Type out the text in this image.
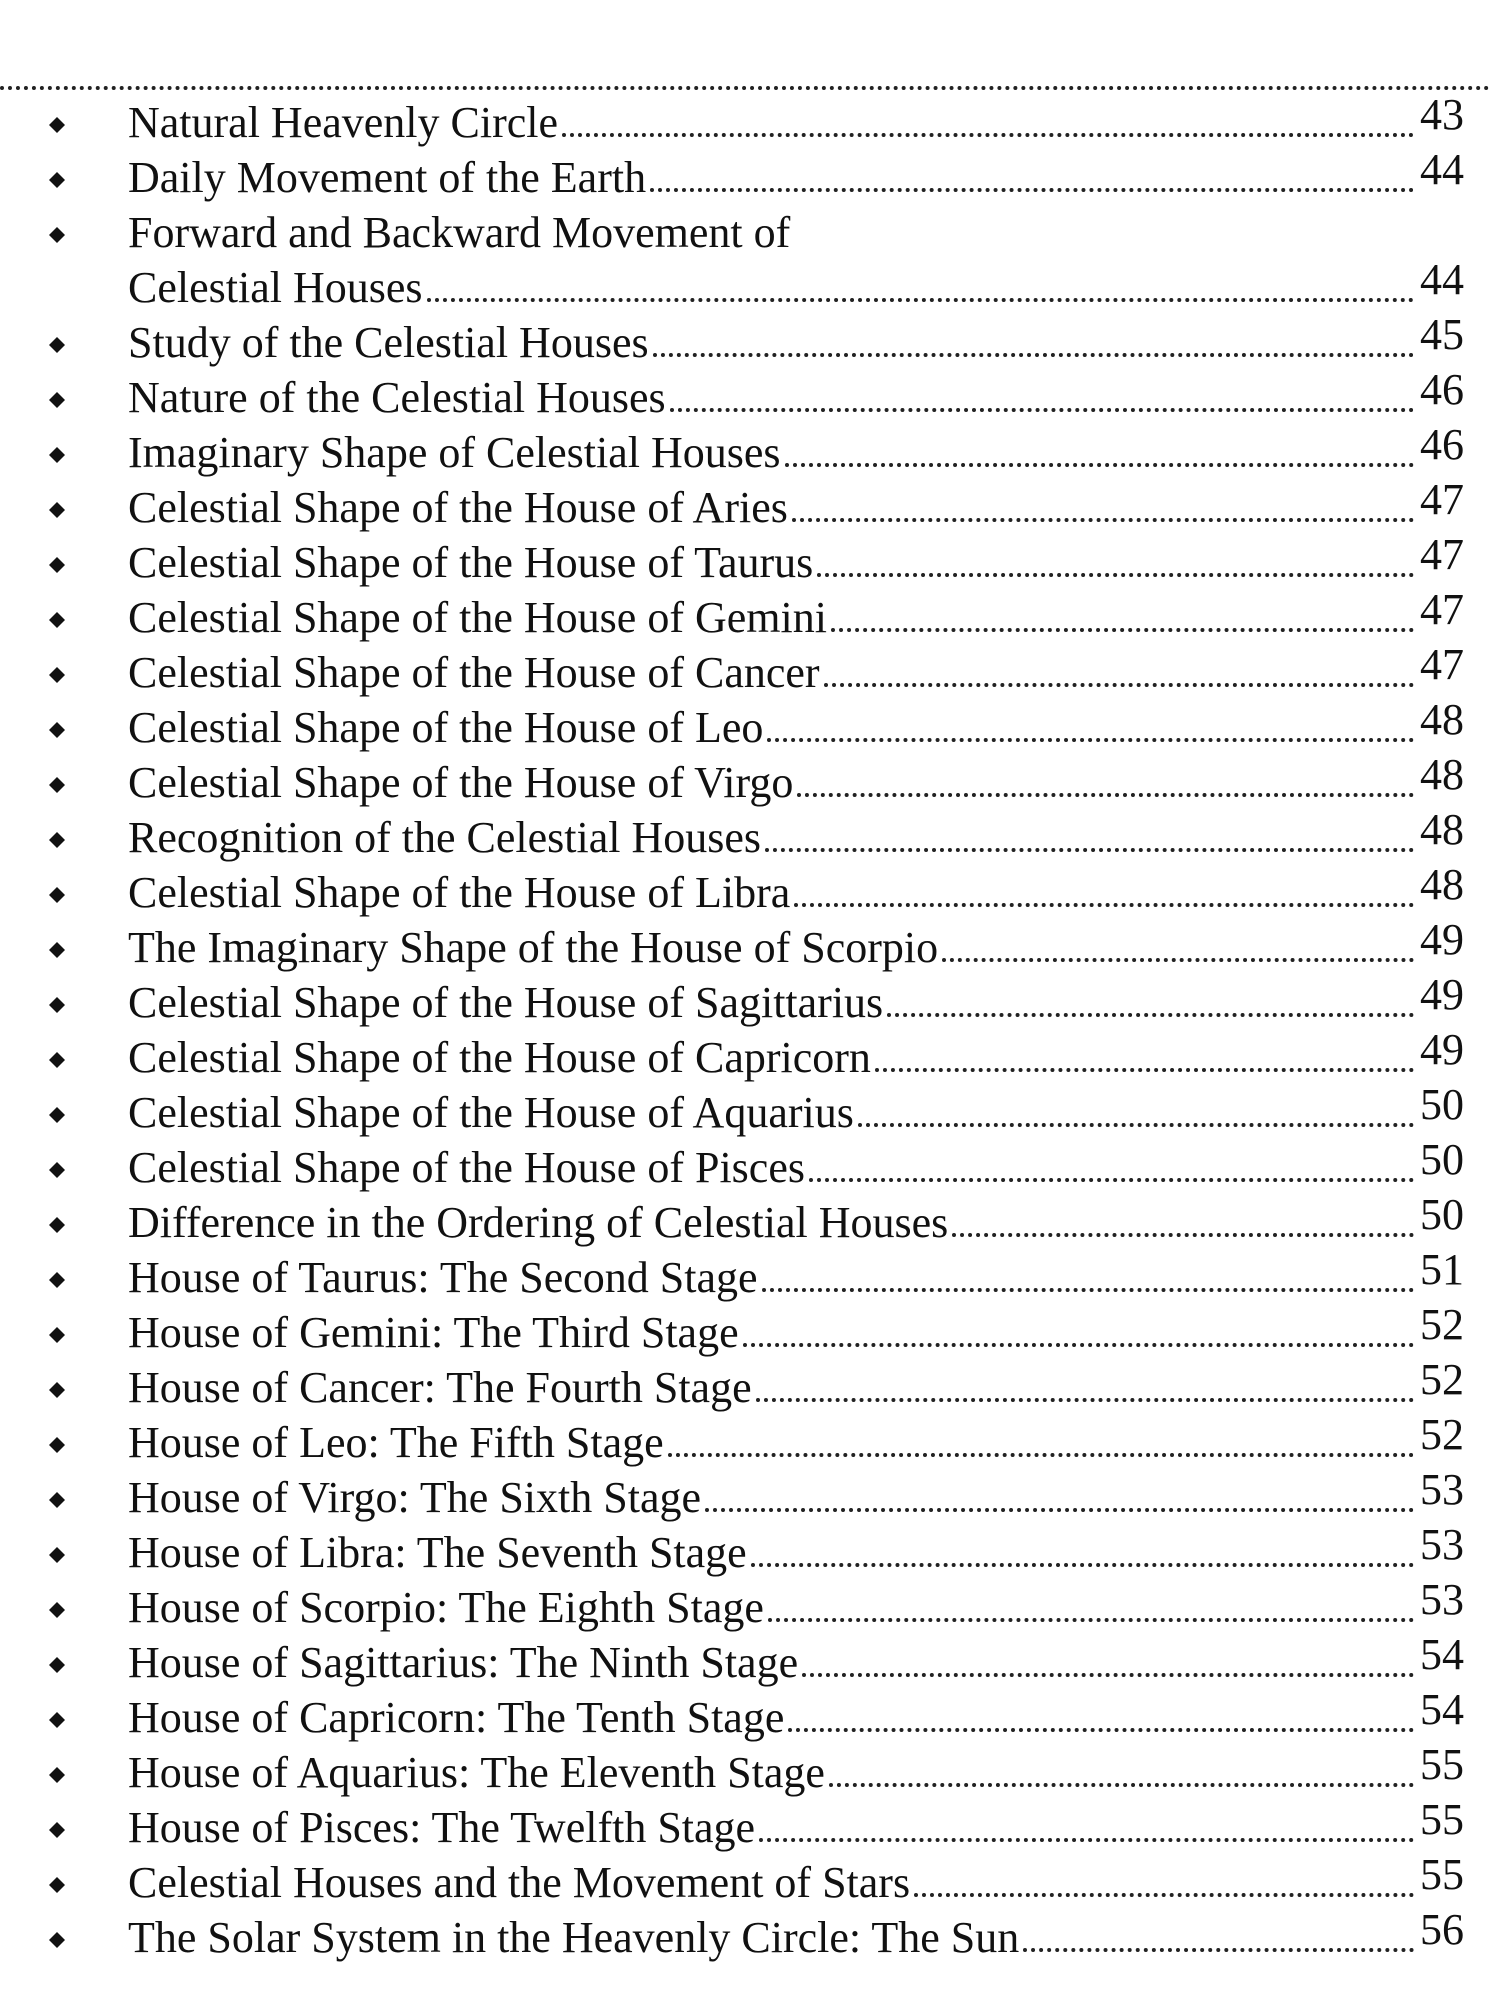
Natural Heavenly Circle	43
Daily Movement of the Earth	44
Forward and Backward Movement of
Celestial Houses	44
Study of the Celestial Houses	45
Nature of the Celestial Houses	46
Imaginary Shape of Celestial Houses	46
Celestial Shape of the House of Aries	47
Celestial Shape of the House of Taurus	47
Celestial Shape of the House of Gemini	47
Celestial Shape of the House of Cancer	47
Celestial Shape of the House of Leo	48
Celestial Shape of the House of Virgo	48
Recognition of the Celestial Houses	48
Celestial Shape of the House of Libra	48
The Imaginary Shape of the House of Scorpio	49
Celestial Shape of the House of Sagittarius	49
Celestial Shape of the House of Capricorn	49
Celestial Shape of the House of Aquarius	50
Celestial Shape of the House of Pisces	50
Difference in the Ordering of Celestial Houses	50
House of Taurus: The Second Stage	51
House of Gemini: The Third Stage	52
House of Cancer: The Fourth Stage	52
House of Leo: The Fifth Stage	52
House of Virgo: The Sixth Stage	53
House of Libra: The Seventh Stage	53
House of Scorpio: The Eighth Stage	53
House of Sagittarius: The Ninth Stage	54
House of Capricorn: The Tenth Stage	54
House of Aquarius: The Eleventh Stage	55
House of Pisces: The Twelfth Stage	55
Celestial Houses and the Movement of Stars	55
The Solar System in the Heavenly Circle: The Sun	56
